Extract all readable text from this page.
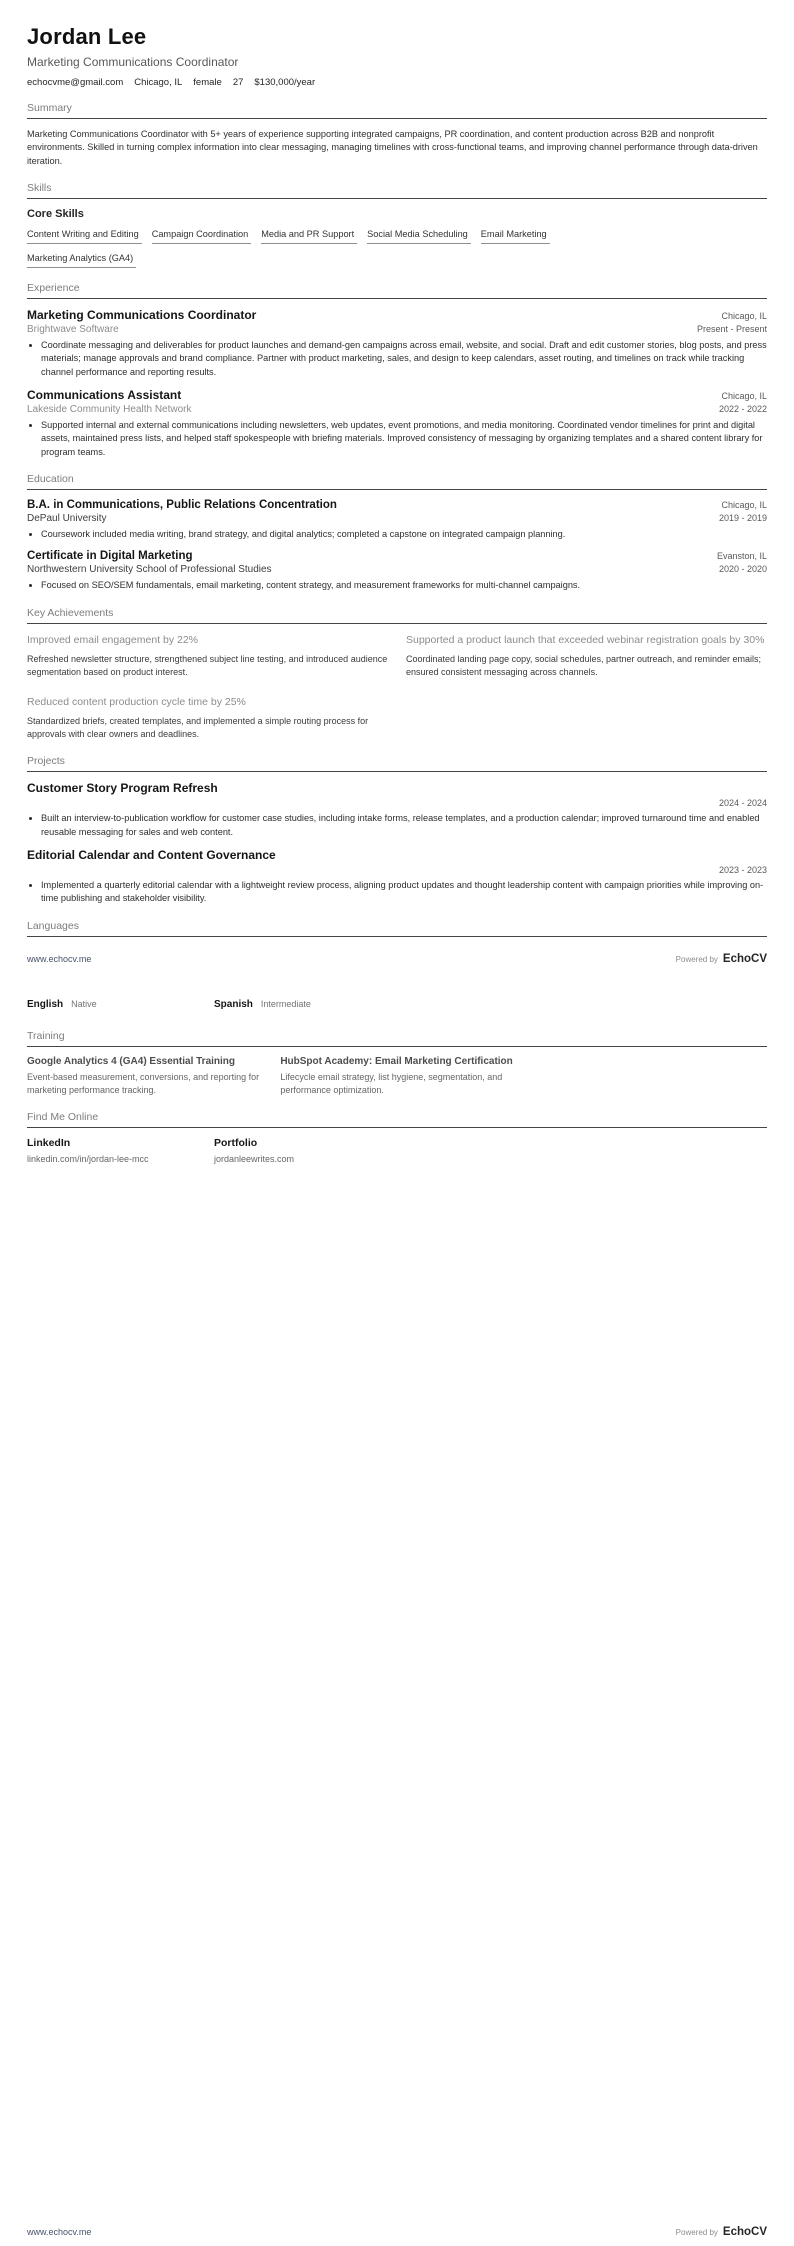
Jordan Lee
Marketing Communications Coordinator
echocvme@gmail.com Chicago, IL female 27 $130,000/year
Summary

Marketing Communications Coordinator with 5+ years of experience supporting integrated campaigns, PR coordination, and content production across B2B and nonprofit environments. Skilled in turning complex information into clear messaging, managing timelines with cross-functional teams, and improving channel performance through data-driven iteration.

Skills
Core Skills
Content Writing and Editing	Campaign Coordination	Media and PR Support	Social Media Scheduling	Email Marketing
Marketing Analytics (GA4)
Experience
Marketing Communications Coordinator	Chicago, IL
Brightwave Software	Present - Present
• Coordinate messaging and deliverables for product launches and demand-gen campaigns across email, website, and social. Draft and edit customer stories, blog posts, and press materials; manage approvals and brand compliance. Partner with product marketing, sales, and design to keep calendars, asset routing, and timelines on track while tracking channel performance and reporting results.
Communications Assistant	Chicago, IL
Lakeside Community Health Network	2022 - 2022
• Supported internal and external communications including newsletters, web updates, event promotions, and media monitoring. Coordinated vendor timelines for print and digital assets, maintained press lists, and helped staff spokespeople with briefing materials. Improved consistency of messaging by organizing templates and a shared content library for program teams.
Education
B.A. in Communications, Public Relations Concentration	Chicago, IL
DePaul University	2019 - 2019
• Coursework included media writing, brand strategy, and digital analytics; completed a capstone on integrated campaign planning.
Certificate in Digital Marketing	Evanston, IL
Northwestern University School of Professional Studies	2020 - 2020
• Focused on SEO/SEM fundamentals, email marketing, content strategy, and measurement frameworks for multi-channel campaigns.
Key Achievements
Improved email engagement by 22%
Refreshed newsletter structure, strengthened subject line testing, and introduced audience segmentation based on product interest.
Supported a product launch that exceeded webinar registration goals by 30%
Coordinated landing page copy, social schedules, partner outreach, and reminder emails; ensured consistent messaging across channels.
Reduced content production cycle time by 25%
Standardized briefs, created templates, and implemented a simple routing process for approvals with clear owners and deadlines.
Projects
Customer Story Program Refresh
2024 - 2024
• Built an interview-to-publication workflow for customer case studies, including intake forms, release templates, and a production calendar; improved turnaround time and enabled reusable messaging for sales and web content.
Editorial Calendar and Content Governance
2023 - 2023
• Implemented a quarterly editorial calendar with a lightweight review process, aligning product updates and thought leadership content with campaign priorities while improving on-time publishing and stakeholder visibility.
Languages
www.echocv.me	Powered by EchoCV
English Native	Spanish Intermediate
Training
Google Analytics 4 (GA4) Essential Training
Event-based measurement, conversions, and reporting for marketing performance tracking.
HubSpot Academy: Email Marketing Certification
Lifecycle email strategy, list hygiene, segmentation, and performance optimization.
Find Me Online
LinkedIn
linkedin.com/in/jordan-lee-mcc
Portfolio
jordanleewrites.com
www.echocv.me	Powered by EchoCV
